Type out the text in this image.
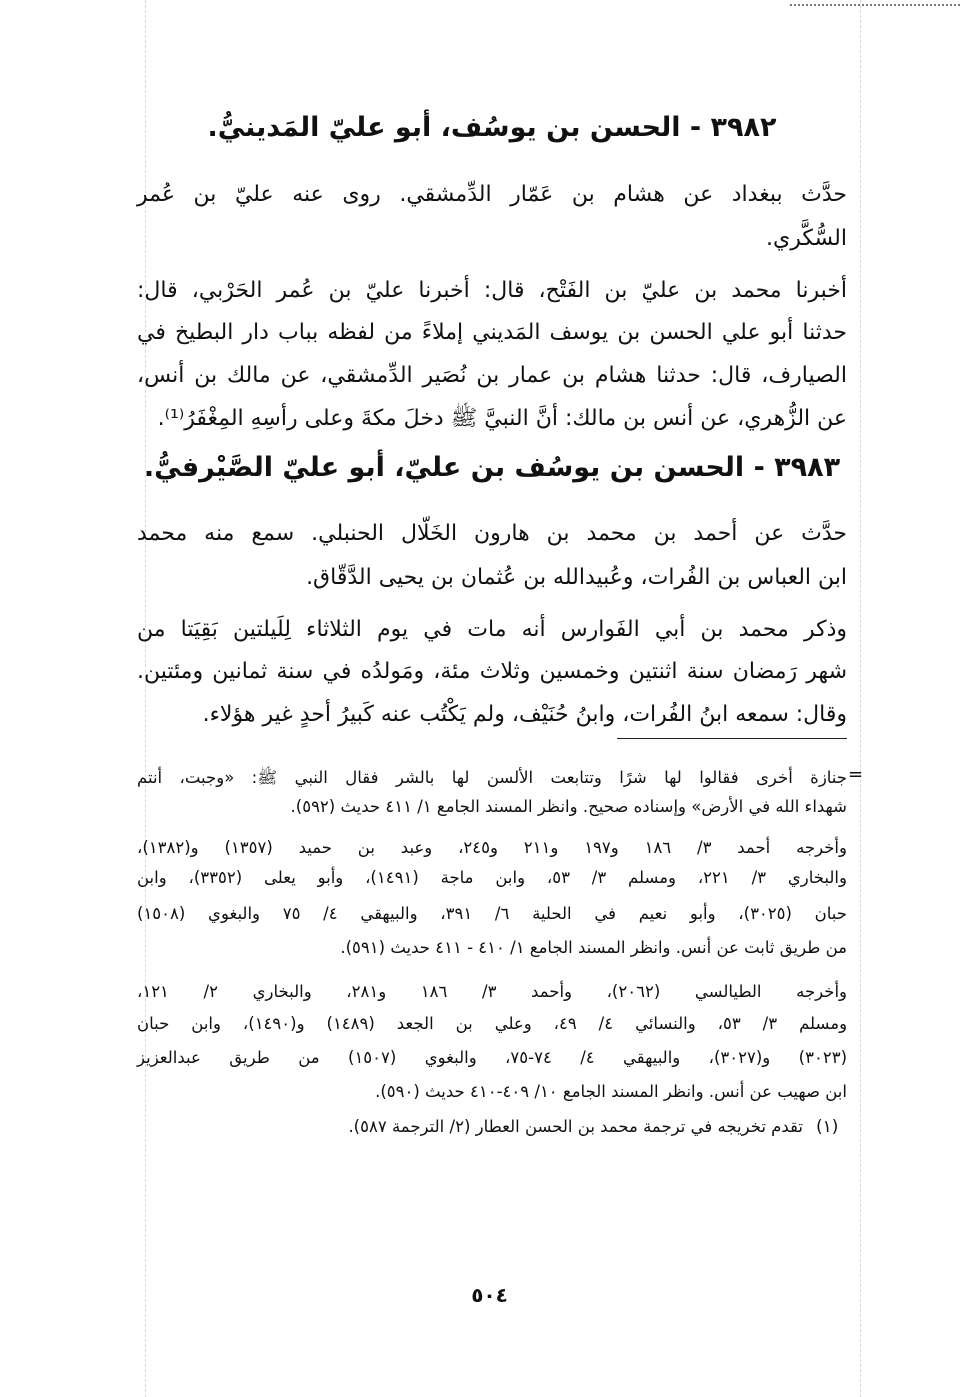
٣٩٨٢ - الحسن بن يوسُف، أبو عليّ المَدينيُّ.
حدَّث ببغداد عن هشام بن عَمّار الدِّمشقي. روى عنه عليّ بن عُمر
السُّكَّري.
أخبرنا محمد بن عليّ بن الفَتْح، قال: أخبرنا عليّ بن عُمر الحَرْبي، قال:
حدثنا أبو علي الحسن بن يوسف المَديني إملاءً من لفظه بباب دار البطيخ في
الصيارف، قال: حدثنا هشام بن عمار بن نُصَير الدِّمشقي، عن مالك بن أنس،
عن الزُّهري، عن أنس بن مالك: أنَّ النبيَّ ﷺ دخلَ مكةَ وعلى رأسِهِ المِغْفَرُ⁽¹⁾.
٣٩٨٣ - الحسن بن يوسُف بن عليّ، أبو عليّ الصَّيْرفيُّ.
حدَّث عن أحمد بن محمد بن هارون الخَلّال الحنبلي. سمع منه محمد
ابن العباس بن الفُرات، وعُبيدالله بن عُثمان بن يحيى الدَّقّاق.
وذكر محمد بن أبي الفَوارس أنه مات في يوم الثلاثاء لِلَيلتين بَقِيَتا من
شهر رَمضان سنة اثنتين وخمسين وثلاث مئة، ومَولدُه في سنة ثمانين ومئتين.
وقال: سمعه ابنُ الفُرات، وابنُ حُنَيْف، ولم يَكْتُب عنه كَبيرُ أحدٍ غير هؤلاء.
=
جنازة أخرى فقالوا لها شرًا وتتابعت الألسن لها بالشر فقال النبي ﷺ: «وجبت، أنتم
شهداء الله في الأرض» وإسناده صحيح. وانظر المسند الجامع ١/ ٤١١ حديث (٥٩٢).
وأخرجه أحمد ٣/ ١٨٦ و١٩٧ و٢١١ و٢٤٥، وعبد بن حميد (١٣٥٧) و(١٣٨٢)،
والبخاري ٣/ ٢٢١، ومسلم ٣/ ٥٣، وابن ماجة (١٤٩١)، وأبو يعلى (٣٣٥٢)، وابن
حبان (٣٠٢٥)، وأبو نعيم في الحلية ٦/ ٣٩١، والبيهقي ٤/ ٧٥ والبغوي (١٥٠٨)
من طريق ثابت عن أنس. وانظر المسند الجامع ١/ ٤١٠ - ٤١١ حديث (٥٩١).
وأخرجه الطيالسي (٢٠٦٢)، وأحمد ٣/ ١٨٦ و٢٨١، والبخاري ٢/ ١٢١،
ومسلم ٣/ ٥٣، والنسائي ٤/ ٤٩، وعلي بن الجعد (١٤٨٩) و(١٤٩٠)، وابن حبان
(٣٠٢٣) و(٣٠٢٧)، والبيهقي ٤/ ٧٤-٧٥، والبغوي (١٥٠٧) من طريق عبدالعزيز
ابن صهيب عن أنس. وانظر المسند الجامع ١٠/ ٤٠٩-٤١٠ حديث (٥٩٠).
(١)
تقدم تخريجه في ترجمة محمد بن الحسن العطار (٢/ الترجمة ٥٨٧).
٥٠٤
